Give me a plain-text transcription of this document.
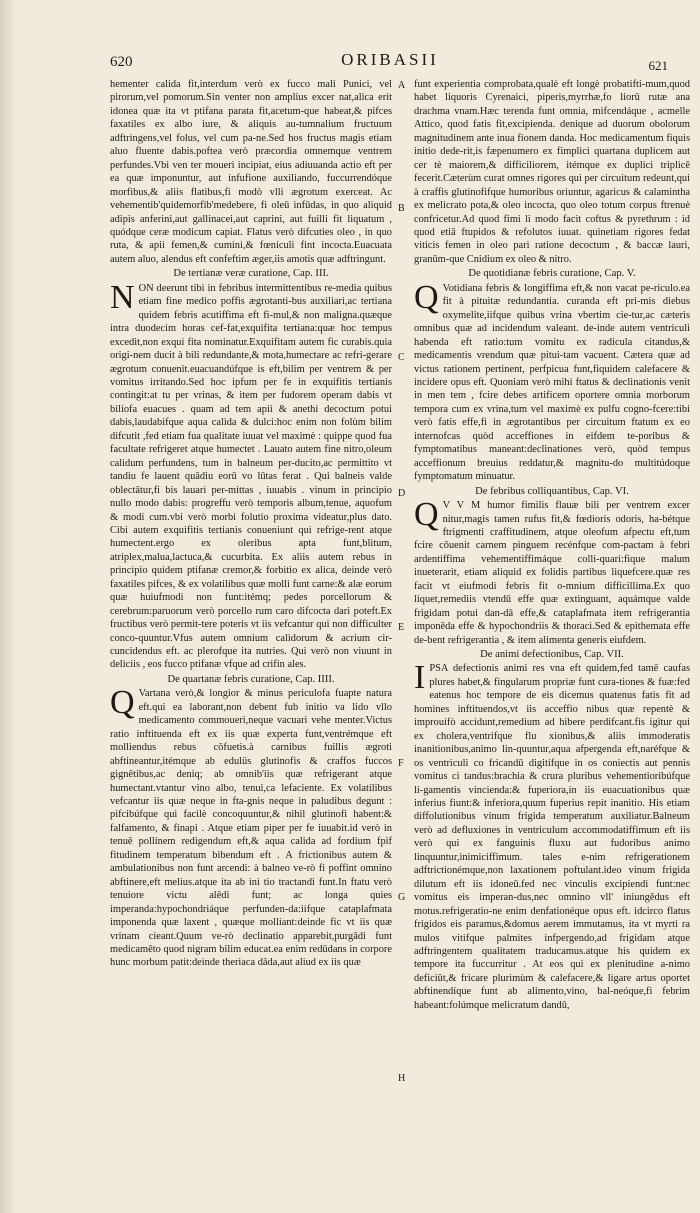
620	ORIBASII	621

hementer calida fit,interdum verò ex fucco mali Punici, vel pirorum,vel pomorum.Sin venter non amplius excer nat,alica erit idonea quæ ita vt ptifana parata fit,acetum-que habeat,& pifces faxatiles ex albo iure, & aliquis au-tumnalium fructuum adftringens,vel folus, vel cum pa-ne.Sed hos fructus magis etiam aluo fluente dabis.poftea verò præcordia omnemque ventrem perfundes.Vbi ven ter moueri incipiat, eius adiuuanda actio eft per ea quæ imponuntur, aut infufione auxiliando, fuccurrendóque morfibus,& aliis flatibus,fi modò vlli ægrotum exerceat. Ac vehementib'quidemorfib'medebere, fi oleū infūdas, in quo aliquid adipis anferini,aut gallinacei,aut caprini, aut fuilli fit liquatum , quódque ceræ modicum capiat. Flatus verò difcuties oleo , in quo ruta, & apii femen,& cumini,& fœniculi fint incocta.Euacuata autem aluo, alendus eft confeftim æger,iis amotis quæ adftringunt.

De tertianæ veræ curatione, Cap. III.

NON deerunt tibi in febribus intermittentibus re-media quibus etiam fine medico poffis ægrotanti-bus auxiliari,ac tertiana quidem febris acutiffima eft fi-mul,& non maligna.quæque intra duodecim horas cef-fat,exquifita tertiana:quæ hoc tempus excedit,non exqui fita nominatur.Exquifitam autem fic curabis.quia origi-nem ducit à bili redundante,& mota,humectare ac refri-gerare ægrotum conuenit.euacuandúfque is eft,bilim per ventrem & per vomitus irritando.Sed hoc ipfum per fe in exquifitis tertianis contingit:at tu per vrinas, & item per fudorem operam dabis vt biliofa euacues . quam ad tem apii & anethi decoctum potui dabis,laudabifque aqua calida & dulci:hoc enim non folùm bilim difcutit ,fed etiam fua qualitate iuuat vel maximè : quippe quod fua facultate refrigeret atque humectet . Lauato autem fine nitro,oleum calidum perfundens, tum in balneum per-ducito,ac permittito vt tandiu fe lauent quâdiu eorū vo lūtas ferat . Qui balneis valde oblectātur,fi bis lauari per-mittas , iuuabis . vinum in principio nullo modo dabis: progreffu verò temporis album,tenue, aquofum & modi cum.vbi verò morbi folutio proxima videatur,plus dato. Cibi autem exquifitis tertianis conueniunt qui refrige-rent atque humectent.ergo ex oleribus apta funt,blitum, atriplex,malua,lactuca,& cucurbita. Ex aliis autem rebus in principio quidem ptifanæ cremor,& forbitio ex alica, deinde verò faxatiles pifces, & ex volatilibus quæ molli funt carne:& alæ eorum quæ huiufmodi non funt:itémq; pedes porcellorum & cerebrum:paruorum verò porcello rum caro difcocta dari poteft.Ex fructibus verò permit-tere poteris vt iis vefcantur qui non difficulter conco-quuntur.Vfus autem omnium calidorum & acrium cir-cuncidendus eft. ac plerofque ita nutries. Qui verò non viuunt in deliciis , eos fucco ptifanæ vfque ad crifin ales.

De quartanæ febris curatione, Cap. IIII.

Q Vartana verò,& longior & minus periculofa fuapte natura eft.qui ea laborant,non debent fub initio va lido vllo medicamento commoueri,neque vacuari vehe menter.Victus ratio inftituenda eft ex iis quæ experta funt,ventrémque eft molliendus rebus cōfuetis.à carnibus fuillis ægroti abftineantur,itémque ab edulüs glutinofis & craffos fuccos gignētibus,ac deniq; ab omnib'iis quæ refrigerant atque humectant.vtantur vino albo, tenui,ca lefaciente. Ex volatilibus vefcantur iis quæ neque in fta-gnis neque in paludibus degunt : pifcibúfque qui facilè concoquuntur,& nihil glutinofi habent:& falfamento, & finapi . Atque etiam piper per fe iuuabit.id verò in tenuē pollinem redigendum eft,& aqua calida ad fordium fpif fitudinem temperatum bibendum eft . A frictionibus autem & ambulationibus non funt arcendi: à balneo ve-rò fi poffint omnino abftinere,eft melius.atque ita ab ini tio tractandi funt.In ftatu verò tenuiore victu alēdi funt; ac longa quies imperanda:hypochondriáque perfunden-da:iifque cataplafmata imponenda quæ laxent , quæque molliant:deinde fic vt iis quæ vrinam cieant.Quum ve-rò declinatio apparebit,purgādi funt medicamēto quod nigram bilim educat.ea enim redūdans in corpore hunc morbum patit:deinde theriaca dāda,aut aliud ex iis quæ

funt experientia comprobata,qualè eft longè probatifti-mum,quod habet liquoris Cyrenaici, piperis,myrrhæ,fo liorū rutæ ana drachma vnam.Hæc terenda funt omnia, mifcendáque , acmelle Attico, quod fatis fit,excipienda. denique ad duorum obolorum magnitudinem ante inua fionem danda. Hoc medicamentum fiquis initio dede-rit,is fæpenumero ex fimplici quartana duplicem aut cer tè maiorem,& difficiliorem, itémque ex duplici triplicē fecerit.Cæterùm curat omnes rigores qui per circuitum redeunt,qui à craffis glutinofifque humoribus oriuntur, agaricus & calamintha ex melicrato pota,& oleo incocta, quo oleo totum corpus ftrenuè confricetur.Ad quod fimi li modo facit coftus & pyrethrum : id quod etiā ftupidos & refolutos iuuat. quinetiam rigores fedat viticis femen in oleo pari ratione decoctum , & baccæ lauri, granūm-que Cnidium ex oleo & nitro.

De quotidianæ febris curatione, Cap. V.

Q Votidiana febris & longiffima eft,& non vacat pe-riculo.ea fit à pituitæ redundantia. curanda eft pri-mis diebus oxymelite,iifque quibus vrina vbertim cie-tur,ac cæteris omnibus quæ ad incidendum valeant. de-inde autem ventriculi habenda eft ratio:tum vomitu ex radicula citandus,& medicamentis vrendum quæ pitui-tam vacuent. Cætera quæ ad victus rationem pertinent, perfpicua funt,fiquidem calefacere & incidere opus eft. Quoniam verò mihi ftatus & declinationis venit in men tem , fcire debes artificem oportere omnia morborum tempora cum ex vrina,tum vel maximè ex pulfu cogno-fcere:tibi verò fatis effe,fi in ægrotantibus per circuitum ftatum ex eo internofcas quòd acceffiones in eifdem te-poribus & fymptomatibus maneant:declinationes verò, quòd tempus acceffionum breuius reddatur,& magnitu-do multitúdoque fymptomatum minuatur.

De febribus colliquantibus, Cap. VI.

Q V V M humor fimilis flauæ bili per ventrem excer nitur,magis tamen rufus fit,& fœdioris odoris, ha-bétque ftrigmenti craffitudinem, atque oleofum afpectu eft,tum fcire cōuenit carnem pinguem recénfque com-pactam à febri ardentiffima vehementiffimáque colli-quari:fique malum inueterarit, etiam aliquid ex folidis partibus liquefcere.quæ res facit vt eiufmodi febris fit o-mnium difficillima.Ex quo liquet,remediis vtendū effe quæ extinguant, aquámque valde frigidam potui dan-dā effe,& cataplafmata item refrigerantia imponēda effe & hypochondriis & thoraci.Sed & epithemata effe de-bent refrigerantia , & item alimenta generis eiufdem.

De animi defectionibus, Cap. VII.

IPSA defectionis animi res vna eft quidem,fed tamē caufas plures habet,& fingularum propriæ funt cura-tiones & fuæ:fed eatenus hoc tempore de eis dicemus quatenus fatis fit ad homines inftituendos,vt iis acceffio nibus quæ repentè & improuifò accidunt,remedium ad hibere perdifcant.fis igitur qui ex cholera,ventrifque flu xionibus,& aliis immoderatis inanitionibus,animo lin-quuntur,aqua afpergenda eft,naréfque & os ventriculi co fricandū digitífque in os coniectis aut pennis vomitus ci tandus:brachia & crura pluribus vehementioribúfque li-gamentis vincienda:& fuperiora,in iis euacuationibus quæ inferius fiunt:& inferiora,quum fuperius repit inanitio. His etiam diffolutionibus vinum frigida temperatum auxiliatur.Balneum verò ad defluxiones in ventriculum accommodatiffimum eft iis verò qui ex fanguinis fluxu aut fudoribus animo linquuntur,inimiciffimum. tales e-nim refrigerationem adftrictionémque,non laxationem poftulant.ideo vinum frigida dilutum eft iis idoneū.fed nec vinculis excipiendi funt:nec vomitus eis imperan-dus,nec omnino vll' iniungēdus eft motus.refrigeratio-ne enim denfationéque opus eft. idcirco flatus frigidos eis paramus,&domus aerem immutamus, ita vt myrti ra mulos vitifque palmites infpergendo,ad frigidam atque adftringentem qualitatem traducamus.atque his quidem ex tempore ita fuccurritur . At eos qui ex plenitudine a-nimo deficiūt,& fricare plurimùm & calefacere,& ligare artus oportet abftinendíque funt ab alimento,vino, bal-neóque,fi febrim habeant:folúmque melicratum dandū,

A
B
C
D
E
F
G
H
